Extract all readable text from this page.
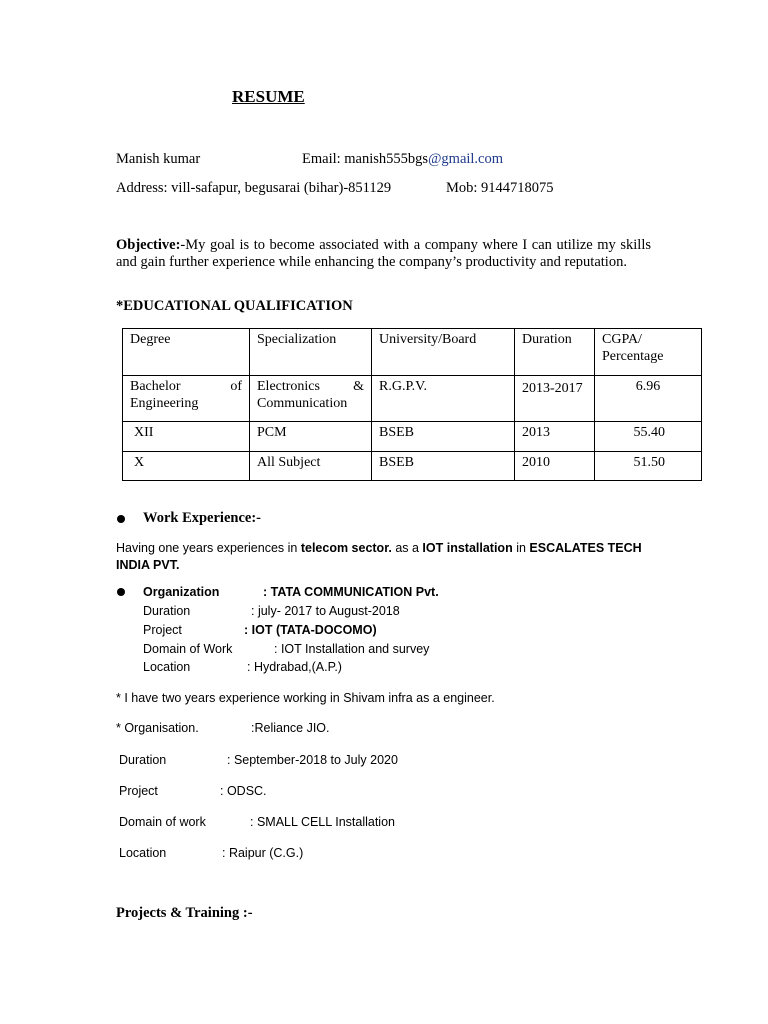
RESUME
Manish kumar	Email: manish555bgs@gmail.com
Address: vill-safapur, begusarai (bihar)-851129	Mob: 9144718075
Objective:-My goal is to become associated with a company where I can utilize my skills and gain further experience while enhancing the company’s productivity and reputation.
*EDUCATIONAL QUALIFICATION
Degree	Specialization	University/Board	Duration	CGPA/ Percentage
Bachelor of Engineering	Electronics & Communication	R.G.P.V.	2013-2017	6.96
XII	PCM	BSEB	2013	55.40
X	All Subject	BSEB	2010	51.50
Work Experience:-
Having one years experiences in telecom sector. as a IOT installation in ESCALATES TECH INDIA PVT.
Organization	: TATA COMMUNICATION Pvt.
Duration	: july- 2017 to August-2018
Project	: IOT (TATA-DOCOMO)
Domain of Work	: IOT Installation and survey
Location	: Hydrabad,(A.P.)
* I have two years experience working in Shivam infra as a engineer.
* Organisation.	:Reliance JIO.
Duration	: September-2018 to July 2020
Project	: ODSC.
Domain of work	: SMALL CELL Installation
Location	: Raipur (C.G.)
Projects & Training :-
